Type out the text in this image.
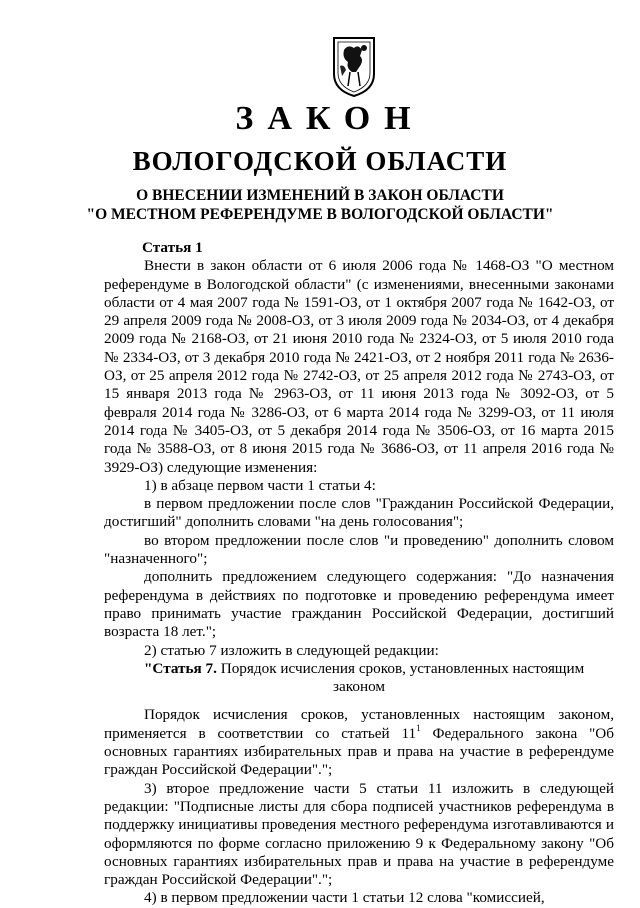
ЗАКОН
ВОЛОГОДСКОЙ ОБЛАСТИ
О ВНЕСЕНИИ ИЗМЕНЕНИЙ В ЗАКОН ОБЛАСТИ
"О МЕСТНОМ РЕФЕРЕНДУМЕ В ВОЛОГОДСКОЙ ОБЛАСТИ"

Статья 1

Внести в закон области от 6 июля 2006 года № 1468-ОЗ "О местном референдуме в Вологодской области" (с изменениями, внесенными законами области от 4 мая 2007 года № 1591-ОЗ, от 1 октября 2007 года № 1642-ОЗ, от 29 апреля 2009 года № 2008-ОЗ, от 3 июля 2009 года № 2034-ОЗ, от 4 декабря 2009 года № 2168-ОЗ, от 21 июня 2010 года № 2324-ОЗ, от 5 июля 2010 года № 2334-ОЗ, от 3 декабря 2010 года № 2421-ОЗ, от 2 ноября 2011 года № 2636-ОЗ, от 25 апреля 2012 года № 2742-ОЗ, от 25 апреля 2012 года № 2743-ОЗ, от 15 января 2013 года № 2963-ОЗ, от 11 июня 2013 года № 3092-ОЗ, от 5 февраля 2014 года № 3286-ОЗ, от 6 марта 2014 года № 3299-ОЗ, от 11 июля 2014 года № 3405-ОЗ, от 5 декабря 2014 года № 3506-ОЗ, от 16 марта 2015 года № 3588-ОЗ, от 8 июня 2015 года № 3686-ОЗ, от 11 апреля 2016 года № 3929-ОЗ) следующие изменения:

1) в абзаце первом части 1 статьи 4:

в первом предложении после слов "Гражданин Российской Федерации, достигший" дополнить словами "на день голосования";

во втором предложении после слов "и проведению" дополнить словом "назначенного";

дополнить предложением следующего содержания: "До назначения референдума в действиях по подготовке и проведению референдума имеет право принимать участие гражданин Российской Федерации, достигший возраста 18 лет.";

2) статью 7 изложить в следующей редакции:

"Статья 7. Порядок исчисления сроков, установленных настоящим

законом

Порядок исчисления сроков, установленных настоящим законом, применяется в соответствии со статьей $11^1$ Федерального закона "Об основных гарантиях избирательных прав и права на участие в референдуме граждан Российской Федерации".";

3) второе предложение части 5 статьи 11 изложить в следующей редакции: "Подписные листы для сбора подписей участников референдума в поддержку инициативы проведения местного референдума изготавливаются и оформляются по форме согласно приложению 9 к Федеральному закону "Об основных гарантиях избирательных прав и права на участие в референдуме граждан Российской Федерации".";

4) в первом предложении части 1 статьи 12 слова "комиссией,
